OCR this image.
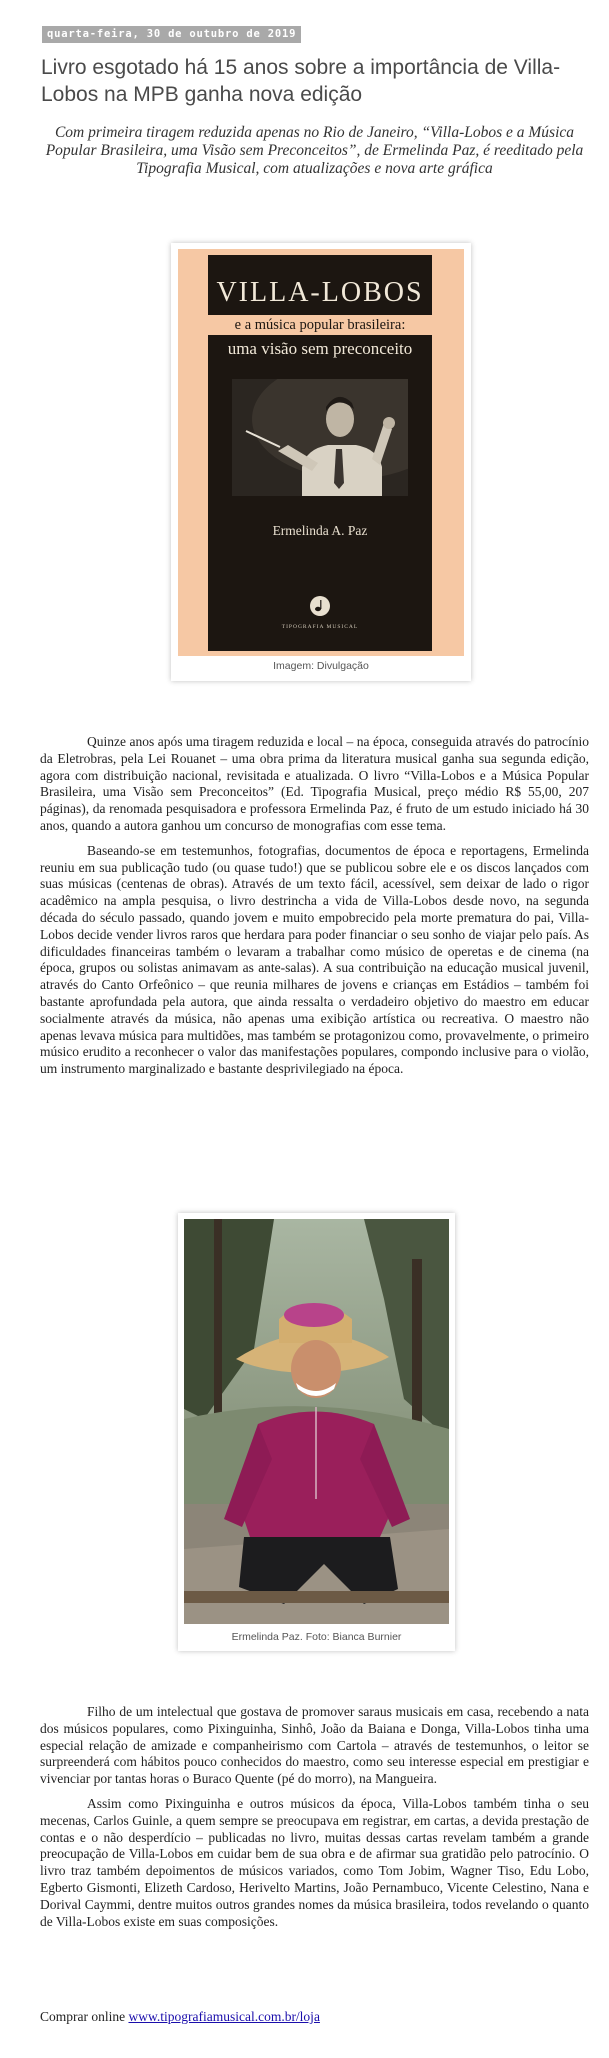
quarta-feira, 30 de outubro de 2019
Livro esgotado há 15 anos sobre a importância de Villa-Lobos na MPB ganha nova edição

Com primeira tiragem reduzida apenas no Rio de Janeiro, “Villa-Lobos e a Música Popular Brasileira, uma Visão sem Preconceitos”, de Ermelinda Paz, é reeditado pela Tipografia Musical, com atualizações e nova arte gráfica

VILLA-LOBOS
e a música popular brasileira:
uma visão sem preconceito
Ermelinda A. Paz
TIPOGRAFIA MUSICAL
Imagem: Divulgação

Quinze anos após uma tiragem reduzida e local – na época, conseguida através do patrocínio da Eletrobras, pela Lei Rouanet – uma obra prima da literatura musical ganha sua segunda edição, agora com distribuição nacional, revisitada e atualizada. O livro “Villa-Lobos e a Música Popular Brasileira, uma Visão sem Preconceitos” (Ed. Tipografia Musical, preço médio R$ 55,00, 207 páginas), da renomada pesquisadora e professora Ermelinda Paz, é fruto de um estudo iniciado há 30 anos, quando a autora ganhou um concurso de monografias com esse tema.

Baseando-se em testemunhos, fotografias, documentos de época e reportagens, Ermelinda reuniu em sua publicação tudo (ou quase tudo!) que se publicou sobre ele e os discos lançados com suas músicas (centenas de obras). Através de um texto fácil, acessível, sem deixar de lado o rigor acadêmico na ampla pesquisa, o livro destrincha a vida de Villa-Lobos desde novo, na segunda década do século passado, quando jovem e muito empobrecido pela morte prematura do pai, Villa-Lobos decide vender livros raros que herdara para poder financiar o seu sonho de viajar pelo país. As dificuldades financeiras também o levaram a trabalhar como músico de operetas e de cinema (na época, grupos ou solistas animavam as ante-salas). A sua contribuição na educação musical juvenil, através do Canto Orfeônico – que reunia milhares de jovens e crianças em Estádios – também foi bastante aprofundada pela autora, que ainda ressalta o verdadeiro objetivo do maestro em educar socialmente através da música, não apenas uma exibição artística ou recreativa. O maestro não apenas levava música para multidões, mas também se protagonizou como, provavelmente, o primeiro músico erudito a reconhecer o valor das manifestações populares, compondo inclusive para o violão, um instrumento marginalizado e bastante desprivilegiado na época.

Ermelinda Paz. Foto: Bianca Burnier

Filho de um intelectual que gostava de promover saraus musicais em casa, recebendo a nata dos músicos populares, como Pixinguinha, Sinhô, João da Baiana e Donga, Villa-Lobos tinha uma especial relação de amizade e companheirismo com Cartola – através de testemunhos, o leitor se surpreenderá com hábitos pouco conhecidos do maestro, como seu interesse especial em prestigiar e vivenciar por tantas horas o Buraco Quente (pé do morro), na Mangueira.

Assim como Pixinguinha e outros músicos da época, Villa-Lobos também tinha o seu mecenas, Carlos Guinle, a quem sempre se preocupava em registrar, em cartas, a devida prestação de contas e o não desperdício – publicadas no livro, muitas dessas cartas revelam também a grande preocupação de Villa-Lobos em cuidar bem de sua obra e de afirmar sua gratidão pelo patrocínio. O livro traz também depoimentos de músicos variados, como Tom Jobim, Wagner Tiso, Edu Lobo, Egberto Gismonti, Elizeth Cardoso, Herivelto Martins, João Pernambuco, Vicente Celestino, Nana e Dorival Caymmi, dentre muitos outros grandes nomes da música brasileira, todos revelando o quanto de Villa-Lobos existe em suas composições.

Comprar online www.tipografiamusical.com.br/loja
